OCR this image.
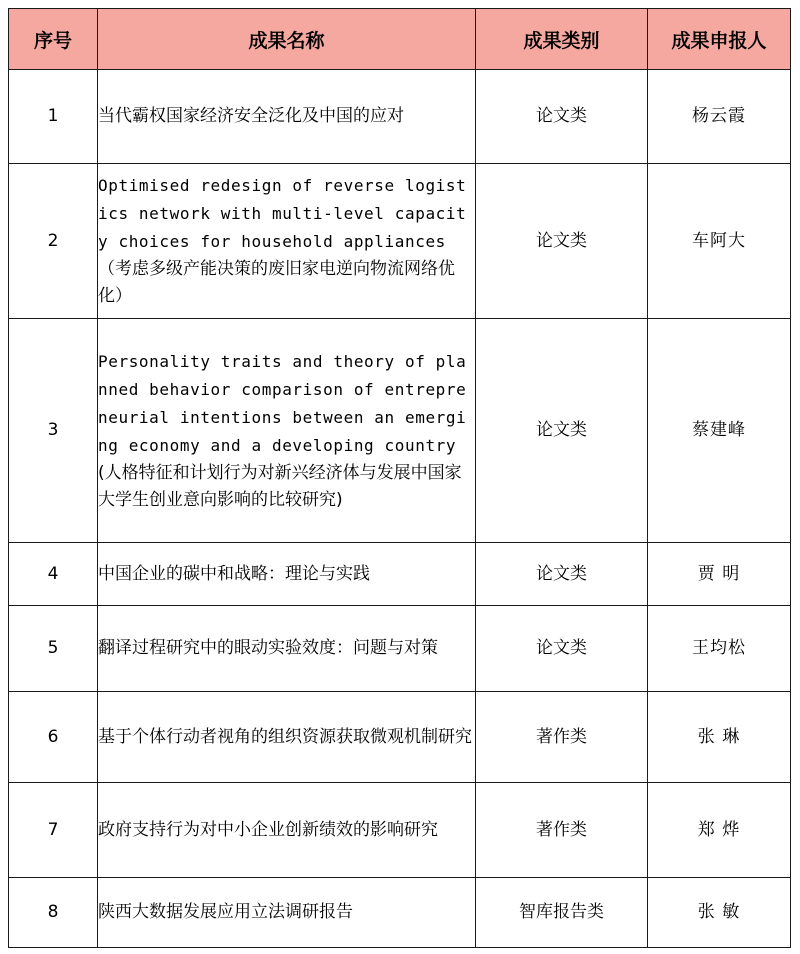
序号	成果名称	成果类别	成果申报人
1	当代霸权国家经济安全泛化及中国的应对	论文类	杨云霞
2	Optimised redesign of reverse logistics network with multi-level capacity choices for household appliances （考虑多级产能决策的废旧家电逆向物流网络优化）	论文类	车阿大
3	Personality traits and theory of planned behavior comparison of entrepreneurial intentions between an emerging economy and a developing country(人格特征和计划行为对新兴经济体与发展中国家大学生创业意向影响的比较研究)	论文类	蔡建峰
4	中国企业的碳中和战略：理论与实践	论文类	贾 明
5	翻译过程研究中的眼动实验效度：问题与对策	论文类	王均松
6	基于个体行动者视角的组织资源获取微观机制研究	著作类	张 琳
7	政府支持行为对中小企业创新绩效的影响研究	著作类	郑 烨
8	陕西大数据发展应用立法调研报告	智库报告类	张 敏
